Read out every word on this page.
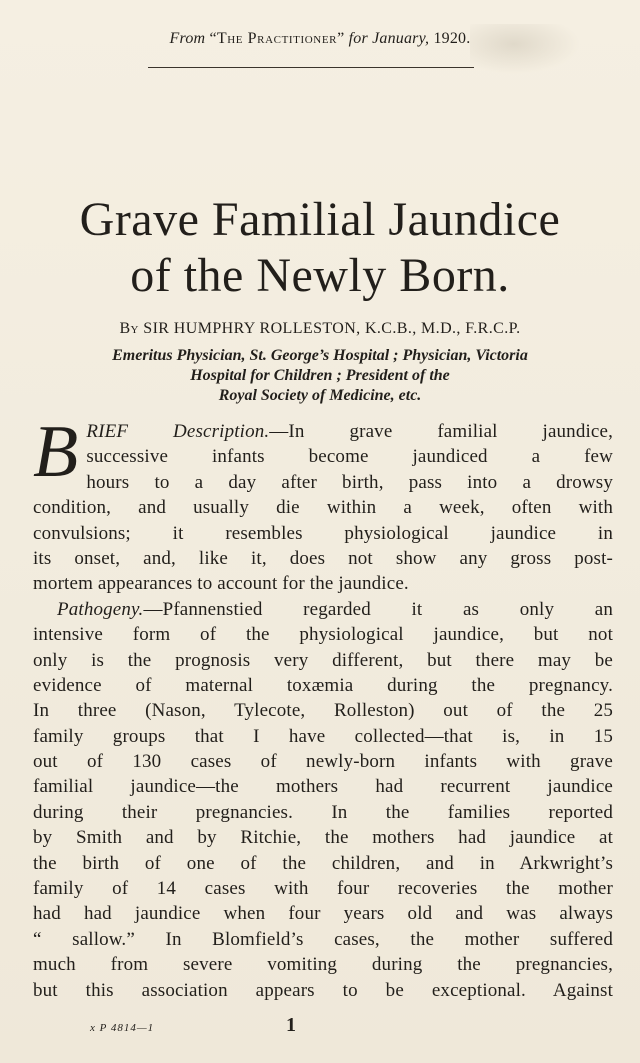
From “The Practitioner” for January, 1920.
Grave Familial Jaundice
of the Newly Born.
By SIR HUMPHRY ROLLESTON, K.C.B., M.D., F.R.C.P.
Emeritus Physician, St. George’s Hospital ; Physician, Victoria
Hospital for Children ; President of the
Royal Society of Medicine, etc.
B RIEF Description.—In grave familial jaundice,
successive infants become jaundiced a few
hours to a day after birth, pass into a drowsy
condition, and usually die within a week, often with
convulsions; it resembles physiological jaundice in
its onset, and, like it, does not show any gross post-
mortem appearances to account for the jaundice.
Pathogeny.—Pfannenstied regarded it as only an
intensive form of the physiological jaundice, but not
only is the prognosis very different, but there may be
evidence of maternal toxæmia during the pregnancy.
In three (Nason, Tylecote, Rolleston) out of the 25
family groups that I have collected—that is, in 15
out of 130 cases of newly-born infants with grave
familial jaundice—the mothers had recurrent jaundice
during their pregnancies. In the families reported
by Smith and by Ritchie, the mothers had jaundice at
the birth of one of the children, and in Arkwright’s
family of 14 cases with four recoveries the mother
had had jaundice when four years old and was always
“ sallow.” In Blomfield’s cases, the mother suffered
much from severe vomiting during the pregnancies,
but this association appears to be exceptional. Against
x P 4814—1	1
